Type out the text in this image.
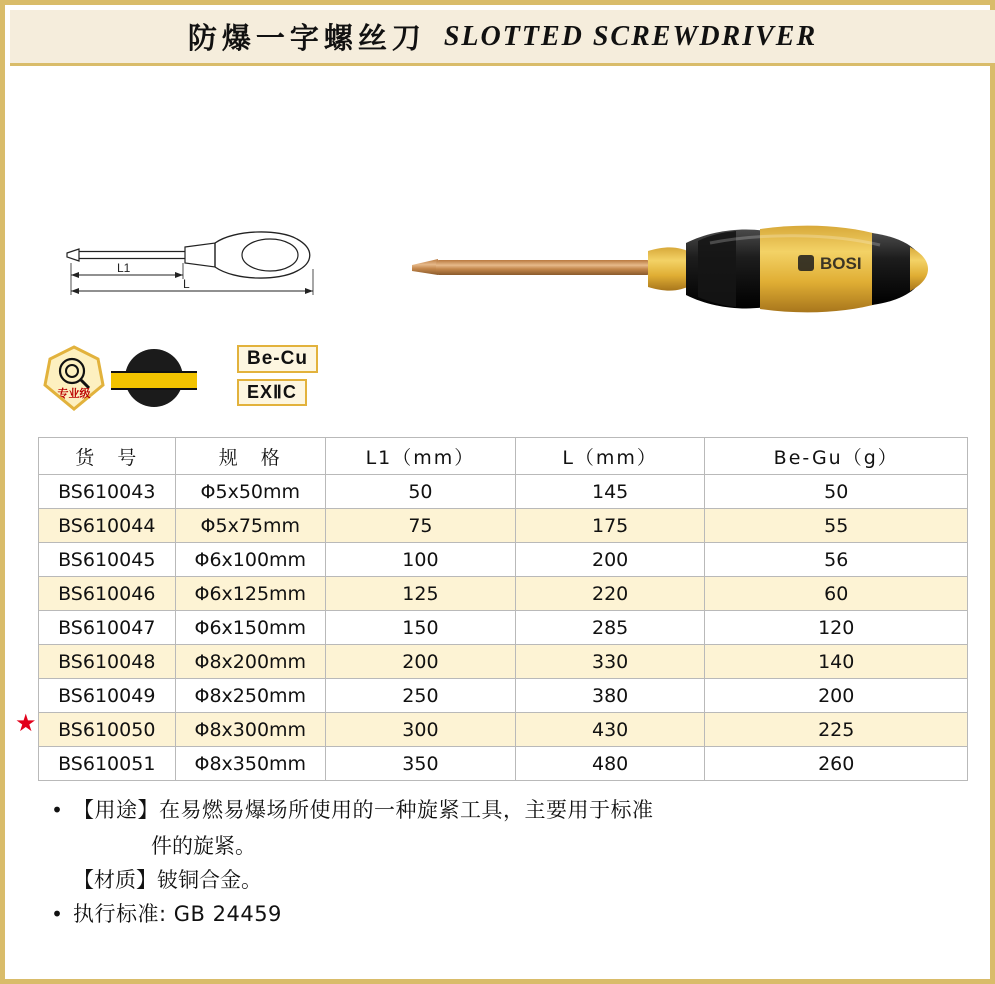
防爆一字螺丝刀 SLOTTED SCREWDRIVER
L1
L
BOSI
专业级
Be-Cu
EXⅡC
★
货　号	规　格	L1（mm）	L（mm）	Be-Gu（g）
BS610043	Φ5x50mm	50	145	50
BS610044	Φ5x75mm	75	175	55
BS610045	Φ6x100mm	100	200	56
BS610046	Φ6x125mm	125	220	60
BS610047	Φ6x150mm	150	285	120
BS610048	Φ8x200mm	200	330	140
BS610049	Φ8x250mm	250	380	200
BS610050	Φ8x300mm	300	430	225
BS610051	Φ8x350mm	350	480	260
• 【用途】在易燃易爆场所使用的一种旋紧工具，主要用于标准
件的旋紧。
【材质】铍铜合金。
• 执行标准: GB 24459
